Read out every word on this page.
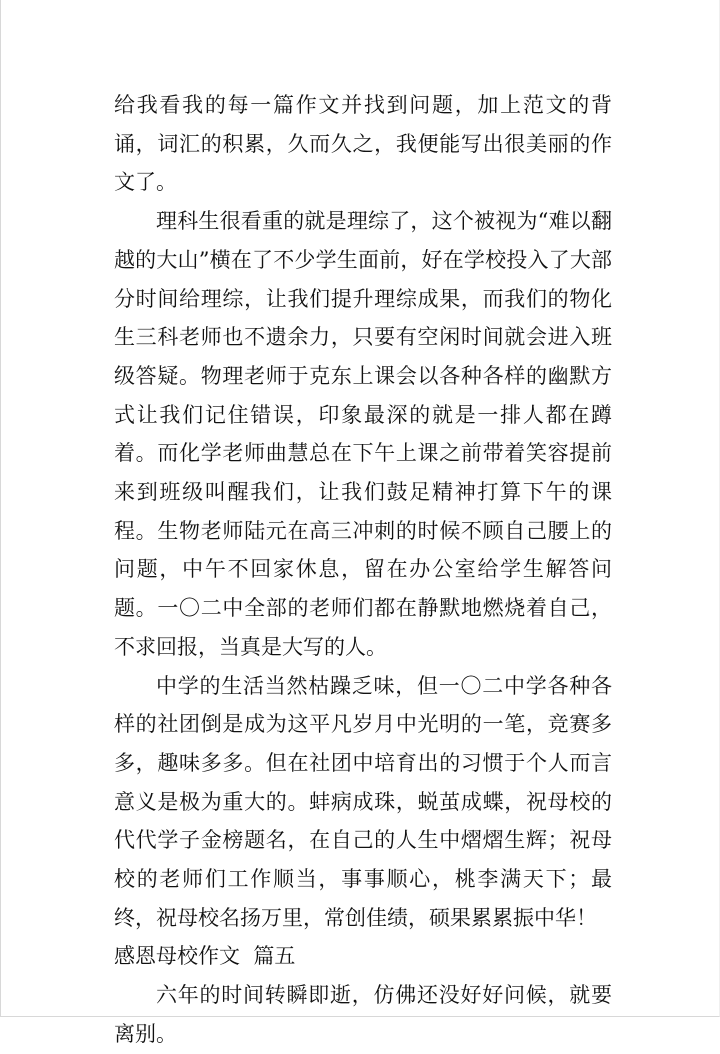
给我看我的每一篇作文并找到问题，加上范文的背诵，词汇的积累，久而久之，我便能写出很美丽的作文了。

理科生很看重的就是理综了，这个被视为“难以翻越的大山”横在了不少学生面前，好在学校投入了大部分时间给理综，让我们提升理综成果，而我们的物化生三科老师也不遗余力，只要有空闲时间就会进入班级答疑。物理老师于克东上课会以各种各样的幽默方式让我们记住错误，印象最深的就是一排人都在蹲着。而化学老师曲慧总在下午上课之前带着笑容提前来到班级叫醒我们，让我们鼓足精神打算下午的课程。生物老师陆元在高三冲刺的时候不顾自己腰上的问题，中午不回家休息，留在办公室给学生解答问题。一〇二中全部的老师们都在静默地燃烧着自己，不求回报，当真是大写的人。

中学的生活当然枯躁乏味，但一〇二中学各种各样的社团倒是成为这平凡岁月中光明的一笔，竞赛多多，趣味多多。但在社团中培育出的习惯于个人而言意义是极为重大的。蚌病成珠，蜕茧成蝶，祝母校的代代学子金榜题名，在自己的人生中熠熠生辉；祝母校的老师们工作顺当，事事顺心，桃李满天下；最终，祝母校名扬万里，常创佳绩，硕果累累振中华！

感恩母校作文  篇五

六年的时间转瞬即逝，仿佛还没好好问候，就要离别。
